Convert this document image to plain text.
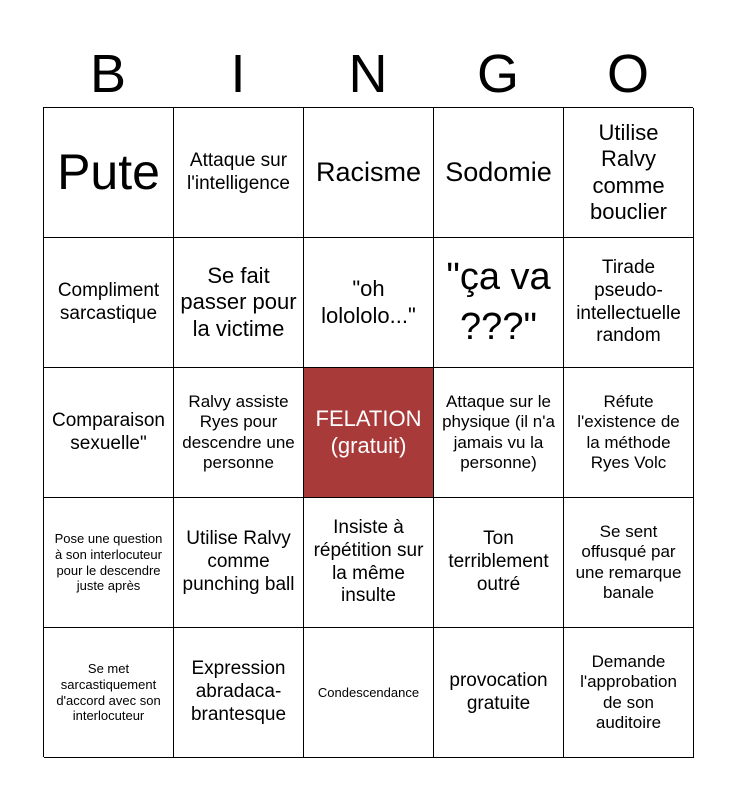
B	I	N	G	O
Pute	Attaque sur l'intelligence Racisme Sodomie
Utilise Ralvy comme bouclier
Compliment sarcastique
Se fait passer pour la victime
"oh lolololo..."
"ça va ???"
Tirade pseudo-intellectuelle random
Comparaison sexuelle"
Ralvy assiste Ryes pour descendre une personne
FELATION (gratuit)
Attaque sur le physique (il n'a jamais vu la personne)
Réfute l'existence de la méthode Ryes Volc
Pose une question à son interlocuteur pour le descendre juste après
Utilise Ralvy comme punching ball
Insiste à répétition sur la même insulte
Ton terriblement outré
Se sent offusqué par une remarque banale
Se met sarcastiquement d'accord avec son interlocuteur
Expression abradaca-brantesque
Condescendance
provocation gratuite
Demande l'approbation de son auditoire
